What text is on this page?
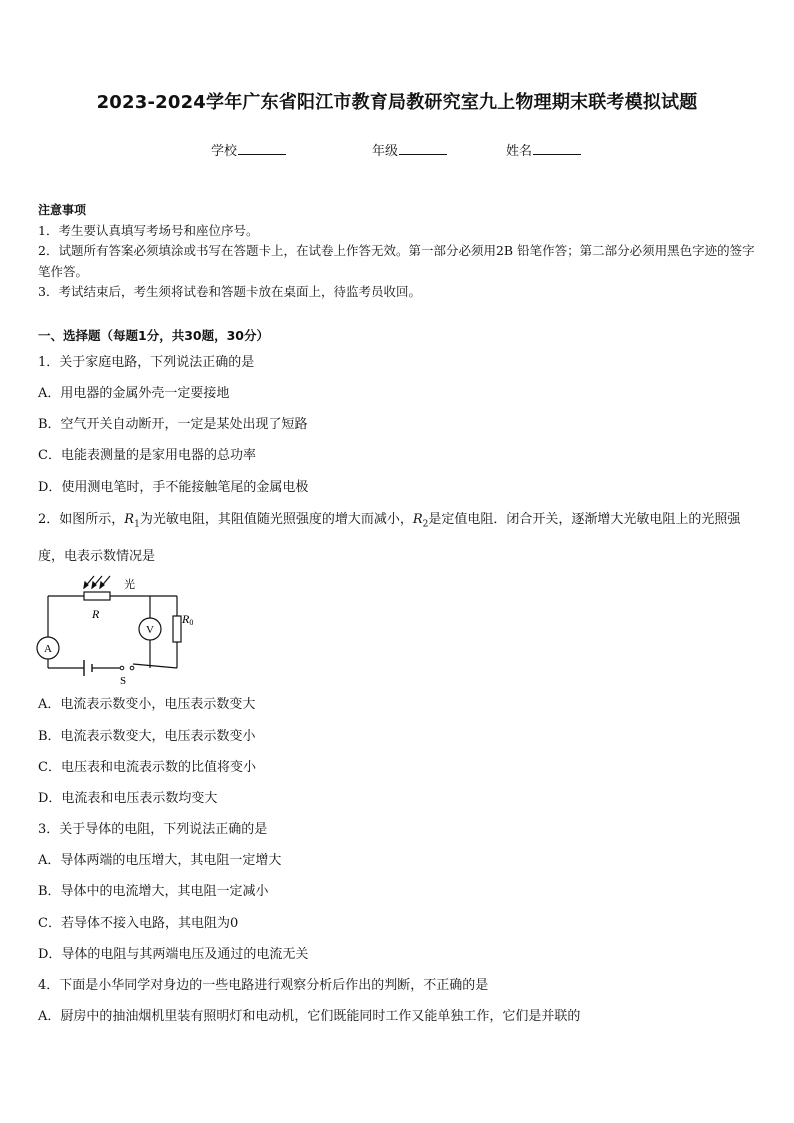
2023-2024学年广东省阳江市教育局教研究室九上物理期末联考模拟试题
学校	年级	姓名
注意事项
1．考生要认真填写考场号和座位序号。
2．试题所有答案必须填涂或书写在答题卡上，在试卷上作答无效。第一部分必须用2B 铅笔作答；第二部分必须用黑色字迹的签字笔作答。
3．考试结束后，考生须将试卷和答题卡放在桌面上，待监考员收回。
一、选择题（每题1分，共30题，30分）
1．关于家庭电路，下列说法正确的是
A．用电器的金属外壳一定要接地
B．空气开关自动断开，一定是某处出现了短路
C．电能表测量的是家用电器的总功率
D．使用测电笔时，手不能接触笔尾的金属电极
2．如图所示，$R_1$为光敏电阻，其阻值随光照强度的增大而减小，$R_2$是定值电阻．闭合开关，逐渐增大光敏电阻上的光照强度，电表示数情况是
光
R	R0
A
V
S
A．电流表示数变小，电压表示数变大
B．电流表示数变大，电压表示数变小
C．电压表和电流表示数的比值将变小
D．电流表和电压表示数均变大
3．关于导体的电阻，下列说法正确的是
A．导体两端的电压增大，其电阻一定增大
B．导体中的电流增大，其电阻一定减小
C．若导体不接入电路，其电阻为0
D．导体的电阻与其两端电压及通过的电流无关
4．下面是小华同学对身边的一些电路进行观察分析后作出的判断，不正确的是
A．厨房中的抽油烟机里装有照明灯和电动机，它们既能同时工作又能单独工作，它们是并联的
